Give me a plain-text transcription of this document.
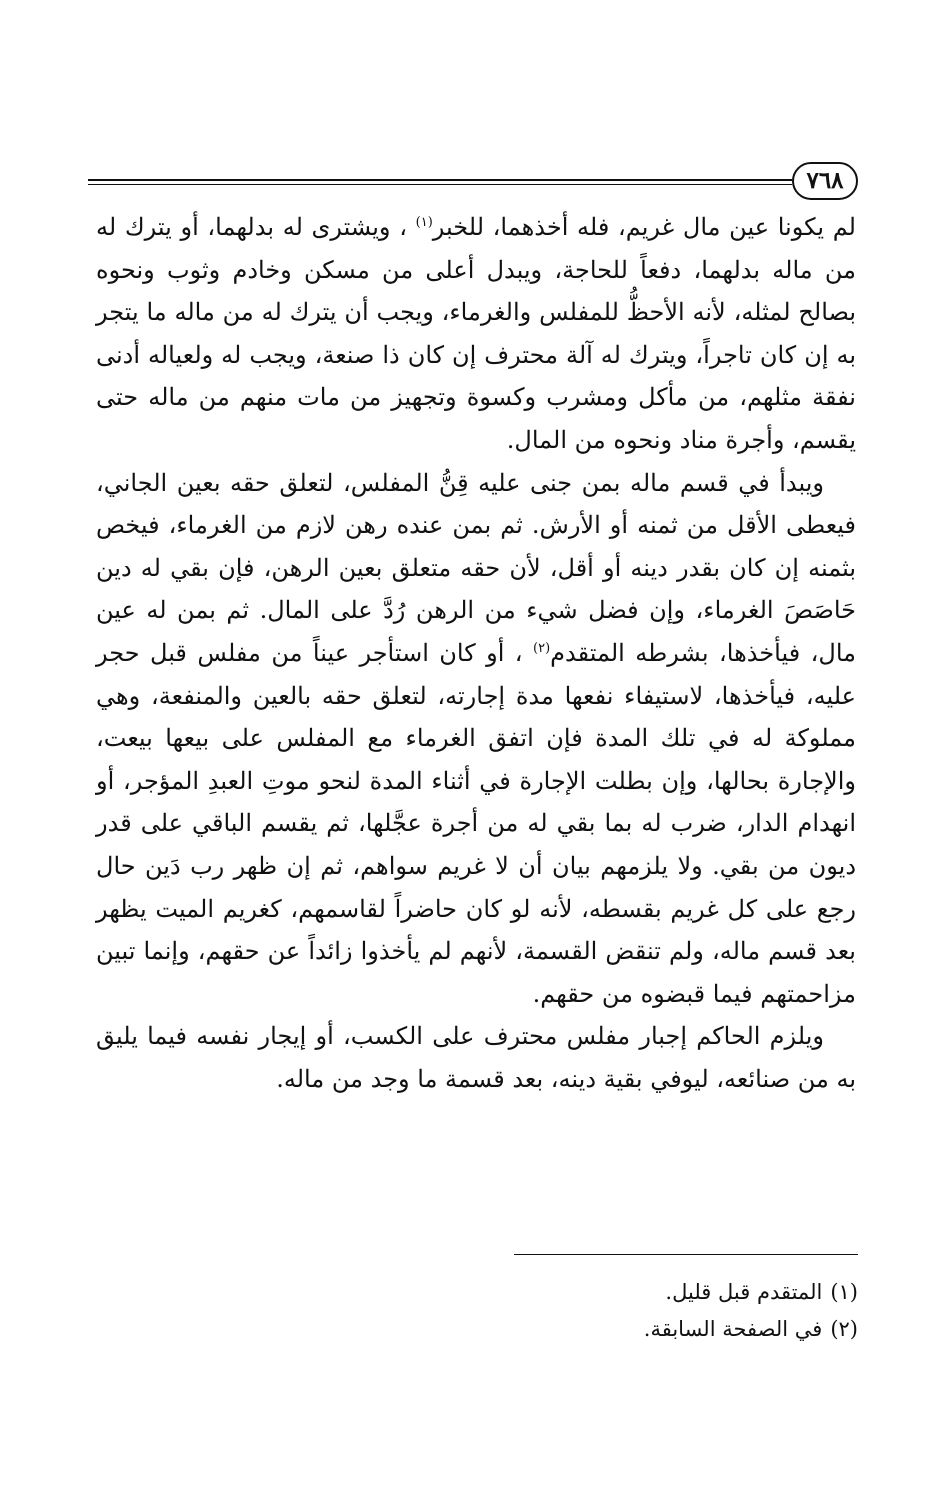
٧٦٨

لم يكونا عين مال غريم، فله أخذهما، للخبر$^{(١)}$ ، ويشترى له بدلهما، أو يترك له من ماله بدلهما، دفعاً للحاجة، ويبدل أعلى من مسكن وخادم وثوب ونحوه بصالح لمثله، لأنه الأحظُّ للمفلس والغرماء، ويجب أن يترك له من ماله ما يتجر به إن كان تاجراً، ويترك له آلة محترف إن كان ذا صنعة، ويجب له ولعياله أدنى نفقة مثلهم، من مأكل ومشرب وكسوة وتجهيز من مات منهم من ماله حتى يقسم، وأجرة مناد ونحوه من المال.

ويبدأ في قسم ماله بمن جنى عليه قِنُّ المفلس، لتعلق حقه بعين الجاني، فيعطى الأقل من ثمنه أو الأرش. ثم بمن عنده رهن لازم من الغرماء، فيخص بثمنه إن كان بقدر دينه أو أقل، لأن حقه متعلق بعين الرهن، فإن بقي له دين حَاصَصَ الغرماء، وإن فضل شيء من الرهن رُدَّ على المال. ثم بمن له عين مال، فيأخذها، بشرطه المتقدم$^{(٢)}$ ، أو كان استأجر عيناً من مفلس قبل حجر عليه، فيأخذها، لاستيفاء نفعها مدة إجارته، لتعلق حقه بالعين والمنفعة، وهي مملوكة له في تلك المدة فإن اتفق الغرماء مع المفلس على بيعها بيعت، والإجارة بحالها، وإن بطلت الإجارة في أثناء المدة لنحو موتِ العبدِ المؤجر، أو انهدام الدار، ضرب له بما بقي له من أجرة عجَّلها، ثم يقسم الباقي على قدر ديون من بقي. ولا يلزمهم بيان أن لا غريم سواهم، ثم إن ظهر رب دَين حال رجع على كل غريم بقسطه، لأنه لو كان حاضراً لقاسمهم، كغريم الميت يظهر بعد قسم ماله، ولم تنقض القسمة، لأنهم لم يأخذوا زائداً عن حقهم، وإنما تبين مزاحمتهم فيما قبضوه من حقهم.

ويلزم الحاكم إجبار مفلس محترف على الكسب، أو إيجار نفسه فيما يليق به من صنائعه، ليوفي بقية دينه، بعد قسمة ما وجد من ماله.

(١)المتقدم قبل قليل.
(٢)في الصفحة السابقة.
